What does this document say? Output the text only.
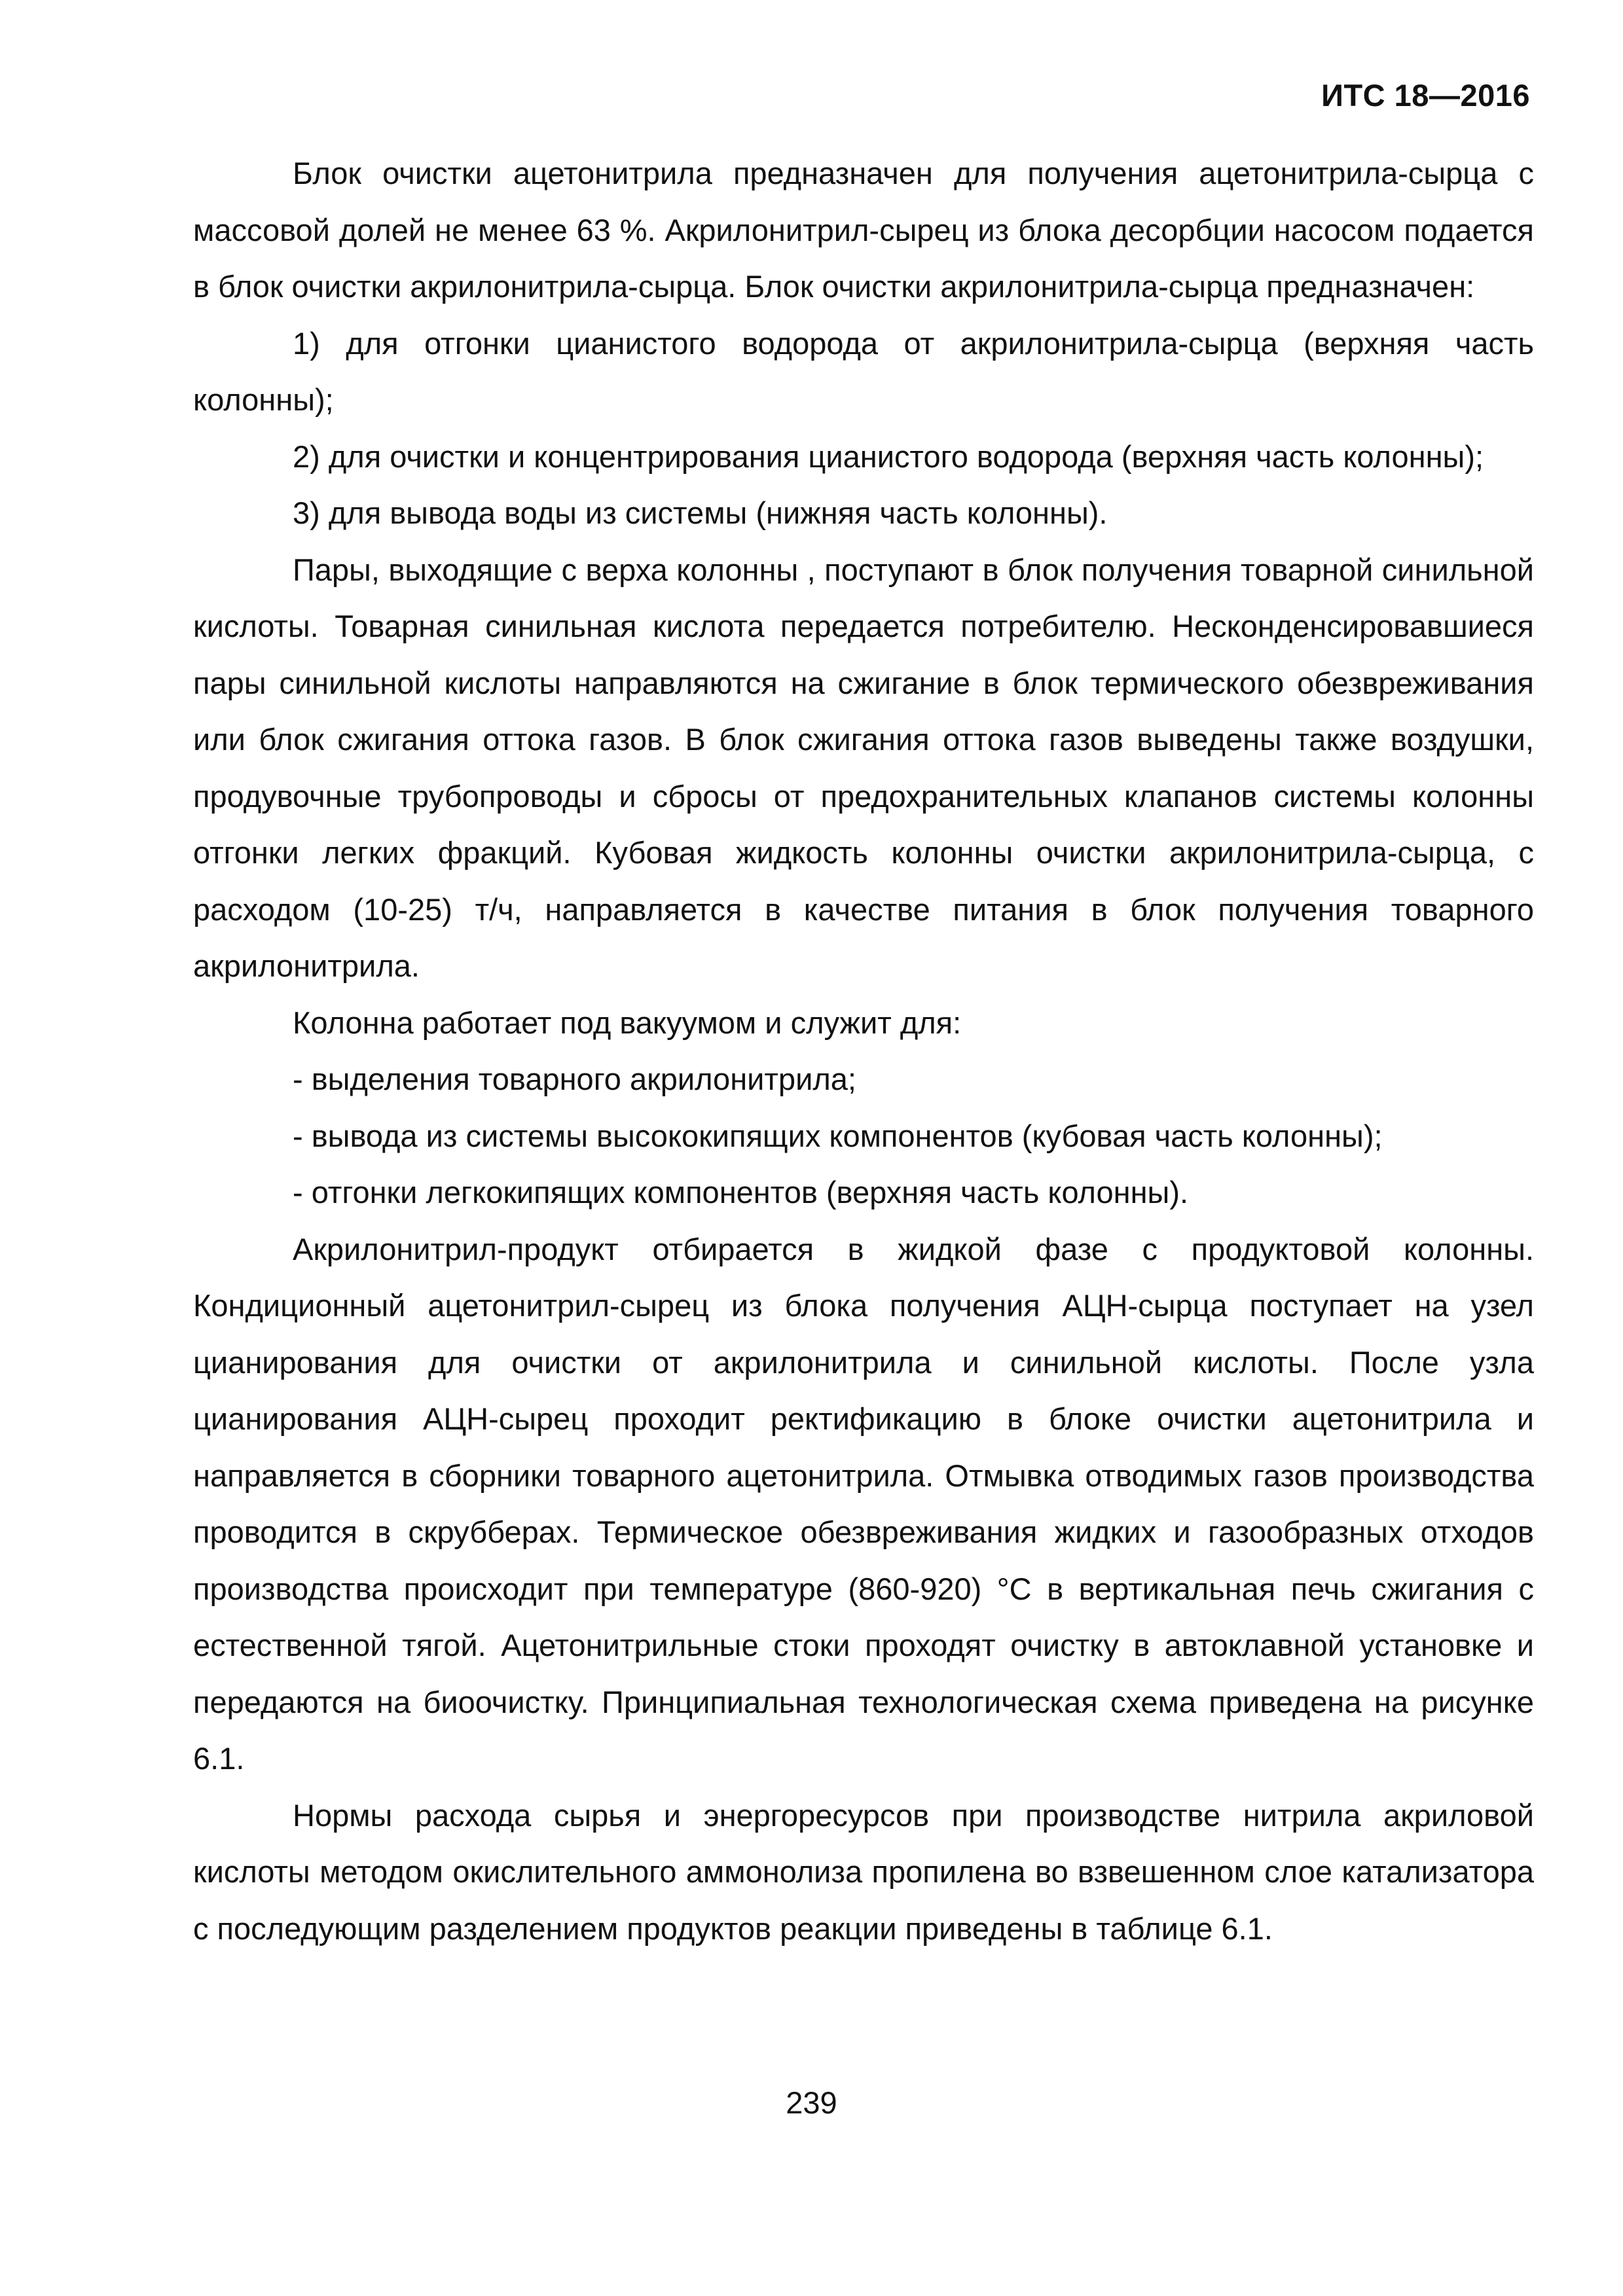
ИТС 18—2016

Блок очистки ацетонитрила предназначен для получения ацетонитрила-сырца с массовой долей не менее 63 %. Акрилонитрил-сырец из блока десорбции насосом подается в блок очистки акрилонитрила-сырца. Блок очистки акрилонитрила-сырца предназначен:

1) для отгонки цианистого водорода от акрилонитрила-сырца (верхняя часть колонны);

2) для очистки и концентрирования цианистого водорода (верхняя часть колонны);

3) для вывода воды из системы (нижняя часть колонны).

Пары, выходящие с верха колонны , поступают в блок получения товарной синильной кислоты. Товарная синильная кислота передается потребителю. Несконденсировавшиеся пары синильной кислоты направляются на сжигание в блок термического обезвреживания или блок сжигания оттока газов. В блок сжигания оттока газов выведены также воздушки, продувочные трубопроводы и сбросы от предохранительных клапанов системы колонны отгонки легких фракций. Кубовая жидкость колонны очистки акрилонитрила-сырца, с расходом (10-25) т/ч, направляется в качестве питания в блок получения товарного акрилонитрила.

Колонна работает под вакуумом и служит для:

- выделения товарного акрилонитрила;

- вывода из системы высококипящих компонентов (кубовая часть колонны);

- отгонки легкокипящих компонентов (верхняя часть колонны).

Акрилонитрил-продукт отбирается в жидкой фазе с продуктовой колонны. Кондиционный ацетонитрил-сырец из блока получения АЦН-сырца поступает на узел цианирования для очистки от акрилонитрила и синильной кислоты. После узла цианирования АЦН-сырец проходит ректификацию в блоке очистки ацетонитрила и направляется в сборники товарного ацетонитрила. Отмывка отводимых газов производства проводится в скрубберах. Термическое обезвреживания жидких и газообразных отходов производства происходит при температуре (860-920) °С в вертикальная печь сжигания с естественной тягой. Ацетонитрильные стоки проходят очистку в автоклавной установке и передаются на биоочистку. Принципиальная технологическая схема приведена на рисунке 6.1.

Нормы расхода сырья и энергоресурсов при производстве нитрила акриловой кислоты методом окислительного аммонолиза пропилена во взвешенном слое катализатора с последующим разделением продуктов реакции приведены в таблице 6.1.

239
